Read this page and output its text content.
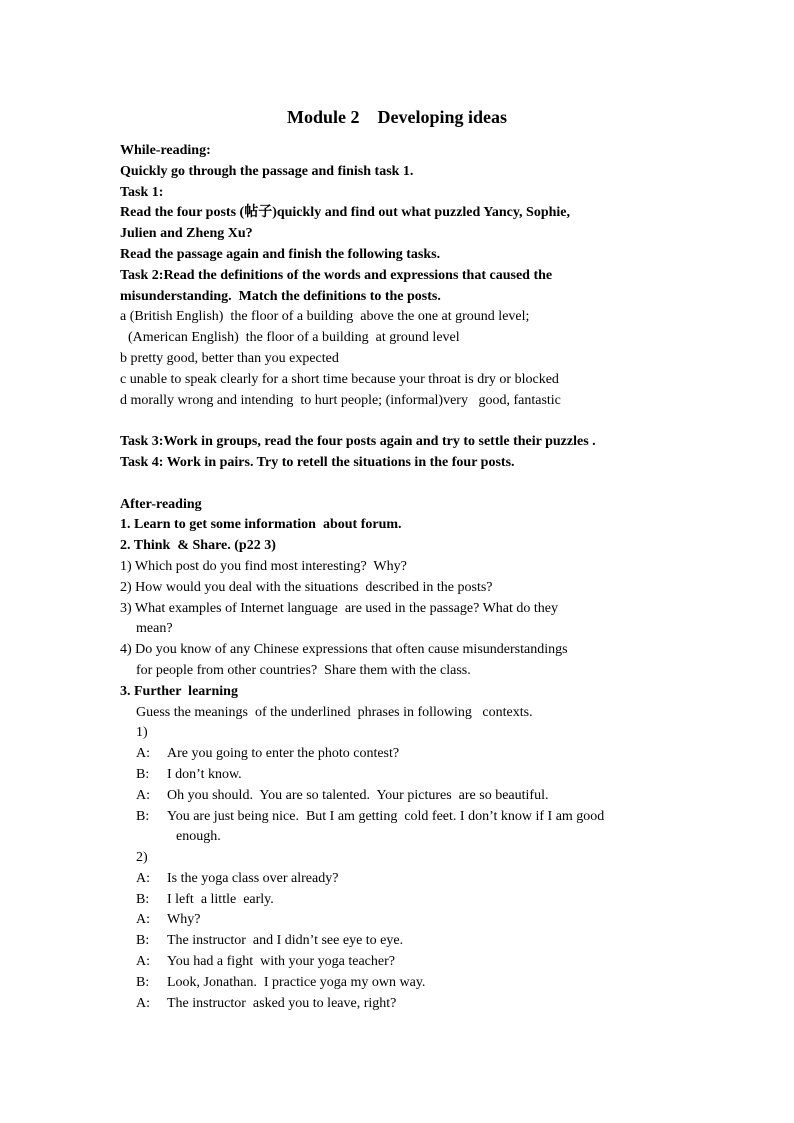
Module 2    Developing ideas
While-reading:
Quickly go through the passage and finish task 1.
Task 1:
Read the four posts (帖子)quickly and find out what puzzled Yancy, Sophie,
Julien and Zheng Xu?
Read the passage again and finish the following tasks.
Task 2:Read the definitions of the words and expressions that caused the
misunderstanding.  Match the definitions to the posts.
a (British English)  the floor of a building  above the one at ground level;
(American English)  the floor of a building  at ground level
b pretty good, better than you expected
c unable to speak clearly for a short time because your throat is dry or blocked
d morally wrong and intending  to hurt people; (informal)very   good, fantastic
Task 3:Work in groups, read the four posts again and try to settle their puzzles .
Task 4: Work in pairs. Try to retell the situations in the four posts.
After-reading
1. Learn to get some information  about forum.
2. Think  & Share. (p22 3)
1) Which post do you find most interesting?  Why?
2) How would you deal with the situations  described in the posts?
3) What examples of Internet language  are used in the passage? What do they
mean?
4) Do you know of any Chinese expressions that often cause misunderstandings
for people from other countries?  Share them with the class.
3. Further  learning
Guess the meanings  of the underlined  phrases in following   contexts.
1)
A: Are you going to enter the photo contest?
B: I don’t know.
A: Oh you should.  You are so talented.  Your pictures  are so beautiful.
B: You are just being nice.  But I am getting  cold feet. I don’t know if I am good
enough.
2)
A: Is the yoga class over already?
B: I left  a little  early.
A: Why?
B: The instructor  and I didn’t see eye to eye.
A: You had a fight  with your yoga teacher?
B: Look, Jonathan.  I practice yoga my own way.
A: The instructor  asked you to leave, right?
